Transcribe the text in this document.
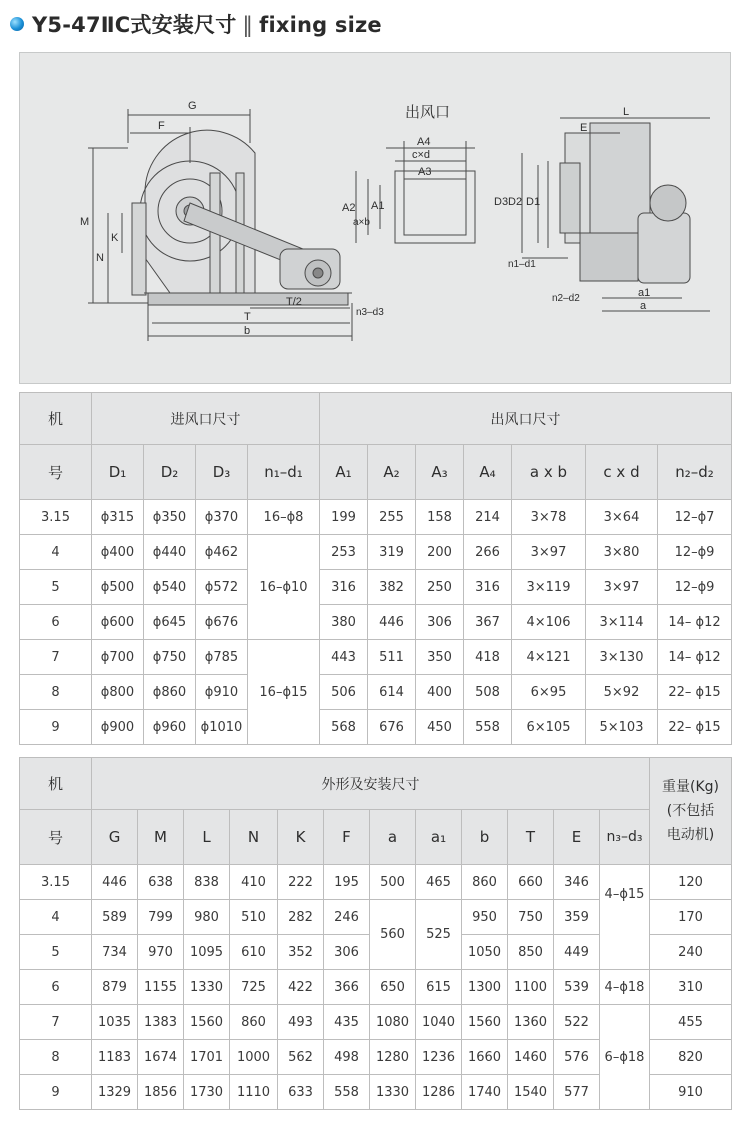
Y5-47ⅡC式安装尺寸 ‖ fixing size
G
F
M
K
N
T/2
T
b
n3–d3
出风口
A4
c×d
A3
A2
a×b
A1
L
E
D3 D2 D1
n1–d1
n2–d2	a1
a
机	进风口尺寸				出风口尺寸						
号	D₁	D₂	D₃	n₁–d₁	A₁	A₂	A₃	A₄	a x b	c x d	n₂–d₂
3.15	ϕ315	ϕ350	ϕ370	16–ϕ8	199	255	158	214	3×78	3×64	12–ϕ7
4	ϕ400	ϕ440	ϕ462	16–ϕ10	253	319	200	266	3×97	3×80	12–ϕ9
5	ϕ500	ϕ540	ϕ572		316	382	250	316	3×119	3×97	12–ϕ9
6	ϕ600	ϕ645	ϕ676		380	446	306	367	4×106	3×114	14– ϕ12
7	ϕ700	ϕ750	ϕ785	16–ϕ15	443	511	350	418	4×121	3×130	14– ϕ12
8	ϕ800	ϕ860	ϕ910		506	614	400	508	6×95	5×92	22– ϕ15
9	ϕ900	ϕ960	ϕ1010		568	676	450	558	6×105	5×103	22– ϕ15
机	外形及安装尺寸												重量(Kg)
(不包括
电动机)
号	G	M	L	N	K	F	a	a₁	b	T	E	n₃–d₃	
3.15	446	638	838	410	222	195	500	465	860	660	346	4–ϕ15	120
4	589	799	980	510	282	246	560	525	950	750	359		170
5	734	970	1095	610	352	306			1050	850	449		240
6	879	1155	1330	725	422	366	650	615	1300	1100	539	4–ϕ18	310
7	1035	1383	1560	860	493	435	1080	1040	1560	1360	522	6–ϕ18	455
8	1183	1674	1701	1000	562	498	1280	1236	1660	1460	576		820
9	1329	1856	1730	1110	633	558	1330	1286	1740	1540	577		910
